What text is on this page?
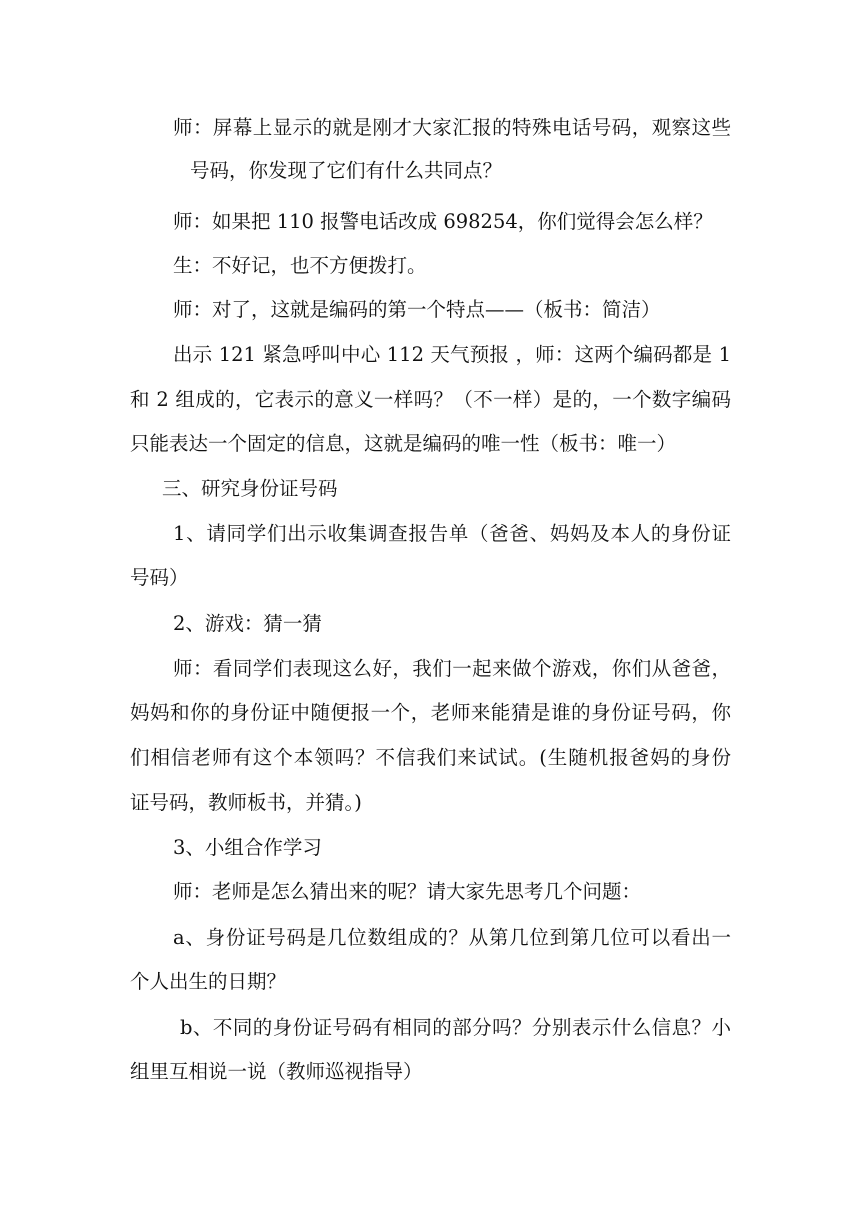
师：屏幕上显示的就是刚才大家汇报的特殊电话号码，观察这些
号码，你发现了它们有什么共同点？
师：如果把 110 报警电话改成 698254，你们觉得会怎么样？
生：不好记，也不方便拨打。
师：对了，这就是编码的第一个特点——（板书：简洁）
出示 121 紧急呼叫中心 112 天气预报 ，师：这两个编码都是 1
和 2 组成的，它表示的意义一样吗？（不一样）是的，一个数字编码
只能表达一个固定的信息，这就是编码的唯一性（板书：唯一）
三、研究身份证号码
1、请同学们出示收集调查报告单（爸爸、妈妈及本人的身份证
号码）
2、游戏：猜一猜
师：看同学们表现这么好，我们一起来做个游戏，你们从爸爸，
妈妈和你的身份证中随便报一个，老师来能猜是谁的身份证号码，你
们相信老师有这个本领吗？不信我们来试试。(生随机报爸妈的身份
证号码，教师板书，并猜。)
3、小组合作学习
师：老师是怎么猜出来的呢？请大家先思考几个问题：
a、身份证号码是几位数组成的？从第几位到第几位可以看出一
个人出生的日期？
b、不同的身份证号码有相同的部分吗？分别表示什么信息？小
组里互相说一说（教师巡视指导）
